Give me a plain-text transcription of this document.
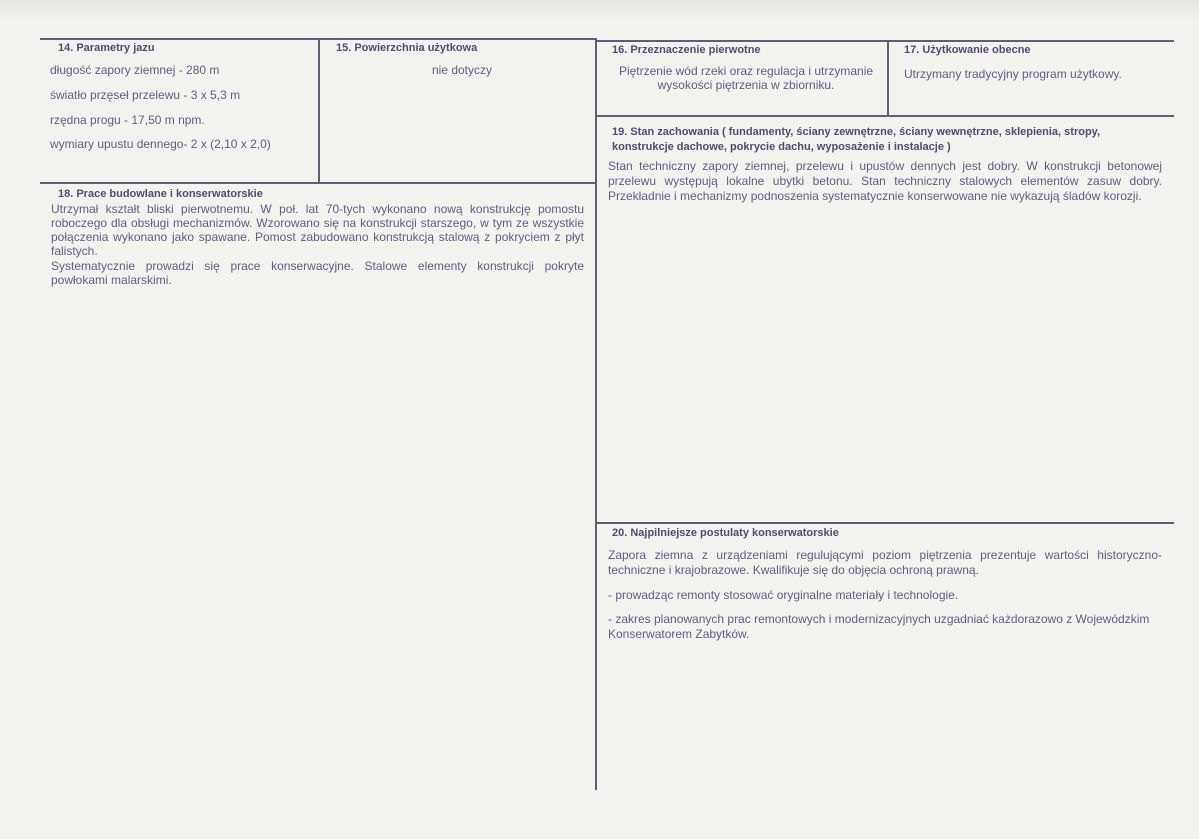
14. Parametry jazu
długość zapory ziemnej - 280 m
światło przęseł przelewu - 3 x 5,3 m
rzędna progu - 17,50 m npm.
wymiary upustu dennego- 2 x (2,10 x 2,0)
15. Powierzchnia użytkowa
nie dotyczy
16. Przeznaczenie pierwotne
Piętrzenie wód rzeki oraz regulacja i utrzymanie wysokości piętrzenia w zbiorniku.
17. Użytkowanie obecne
Utrzymany tradycyjny program użytkowy.
18. Prace budowlane i konserwatorskie
Utrzymał kształt bliski pierwotnemu. W poł. lat 70-tych wykonano nową konstrukcję pomostu roboczego dla obsługi mechanizmów. Wzorowano się na konstrukcji starszego, w tym ze wszystkie połączenia wykonano jako spawane. Pomost zabudowano konstrukcją stalową z pokryciem z płyt falistych.
Systematycznie prowadzi się prace konserwacyjne. Stalowe elementy konstrukcji pokryte powłokami malarskimi.
19. Stan zachowania ( fundamenty, ściany zewnętrzne, ściany wewnętrzne, sklepienia, stropy, konstrukcje dachowe, pokrycie dachu, wyposażenie i instalacje )
Stan techniczny zapory ziemnej, przelewu i upustów dennych jest dobry. W konstrukcji betonowej przelewu występują lokalne ubytki betonu. Stan techniczny stalowych elementów zasuw dobry. Przekładnie i mechanizmy podnoszenia systematycznie konserwowane nie wykazują śladów korozji.
20. Najpilniejsze postulaty konserwatorskie
Zapora ziemna z urządzeniami regulującymi poziom piętrzenia prezentuje wartości historyczno-techniczne i krajobrazowe. Kwalifikuje się do objęcia ochroną prawną.
- prowadząc remonty stosować oryginalne materiały i technologie.
- zakres planowanych prac remontowych i modernizacyjnych uzgadniać każdorazowo z Wojewódzkim Konserwatorem Zabytków.
